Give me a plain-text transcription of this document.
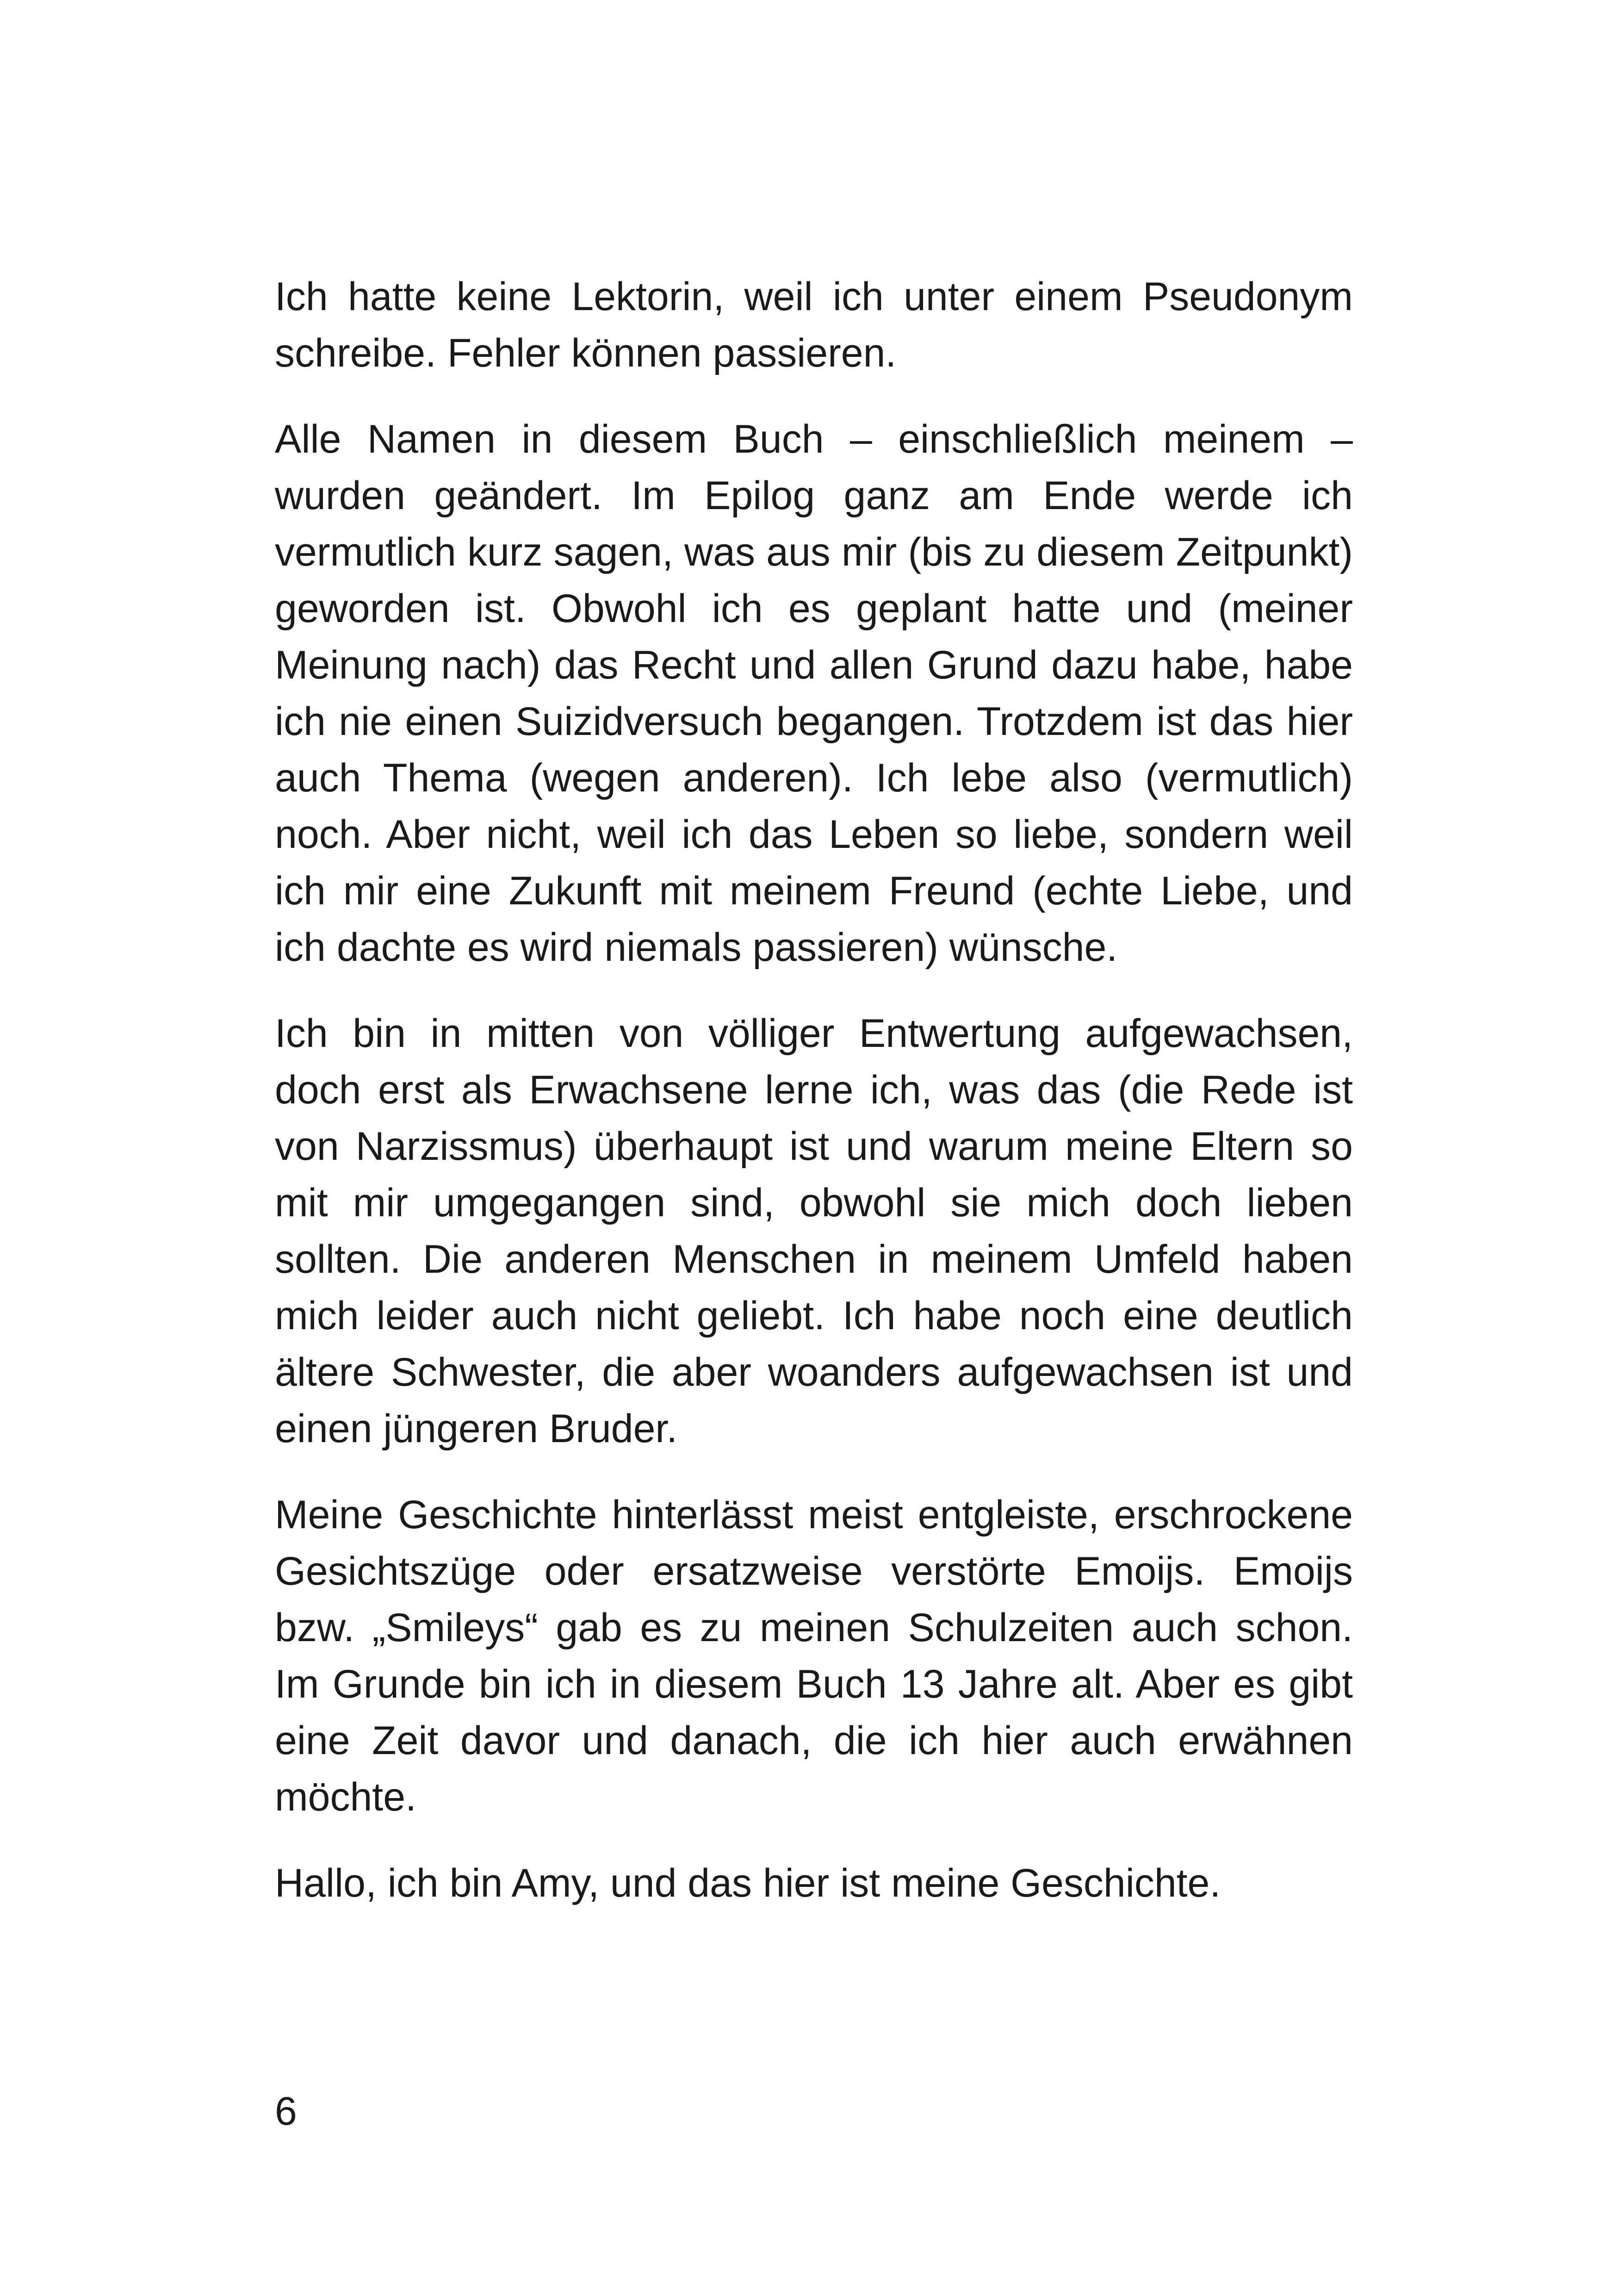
Ich hatte keine Lektorin, weil ich unter einem Pseudonym schreibe. Fehler können passieren.

Alle Namen in diesem Buch – einschließlich meinem – wurden geändert. Im Epilog ganz am Ende werde ich vermutlich kurz sagen, was aus mir (bis zu diesem Zeitpunkt) geworden ist. Obwohl ich es geplant hatte und (meiner Meinung nach) das Recht und allen Grund dazu habe, habe ich nie einen Suizidversuch begangen. Trotzdem ist das hier auch Thema (wegen anderen). Ich lebe also (vermutlich) noch. Aber nicht, weil ich das Leben so liebe, sondern weil ich mir eine Zukunft mit meinem Freund (echte Liebe, und ich dachte es wird niemals passieren) wünsche.

Ich bin in mitten von völliger Entwertung aufgewachsen, doch erst als Erwachsene lerne ich, was das (die Rede ist von Narzissmus) überhaupt ist und warum meine Eltern so mit mir umgegangen sind, obwohl sie mich doch lieben sollten. Die anderen Menschen in meinem Umfeld haben mich leider auch nicht geliebt. Ich habe noch eine deutlich ältere Schwester, die aber woanders aufgewachsen ist und einen jüngeren Bruder.

Meine Geschichte hinterlässt meist entgleiste, erschrockene Gesichtszüge oder ersatzweise verstörte Emoijs. Emoijs bzw. „Smileys“ gab es zu meinen Schulzeiten auch schon. Im Grunde bin ich in diesem Buch 13 Jahre alt. Aber es gibt eine Zeit davor und danach, die ich hier auch erwähnen möchte.

Hallo, ich bin Amy, und das hier ist meine Geschichte.

6
